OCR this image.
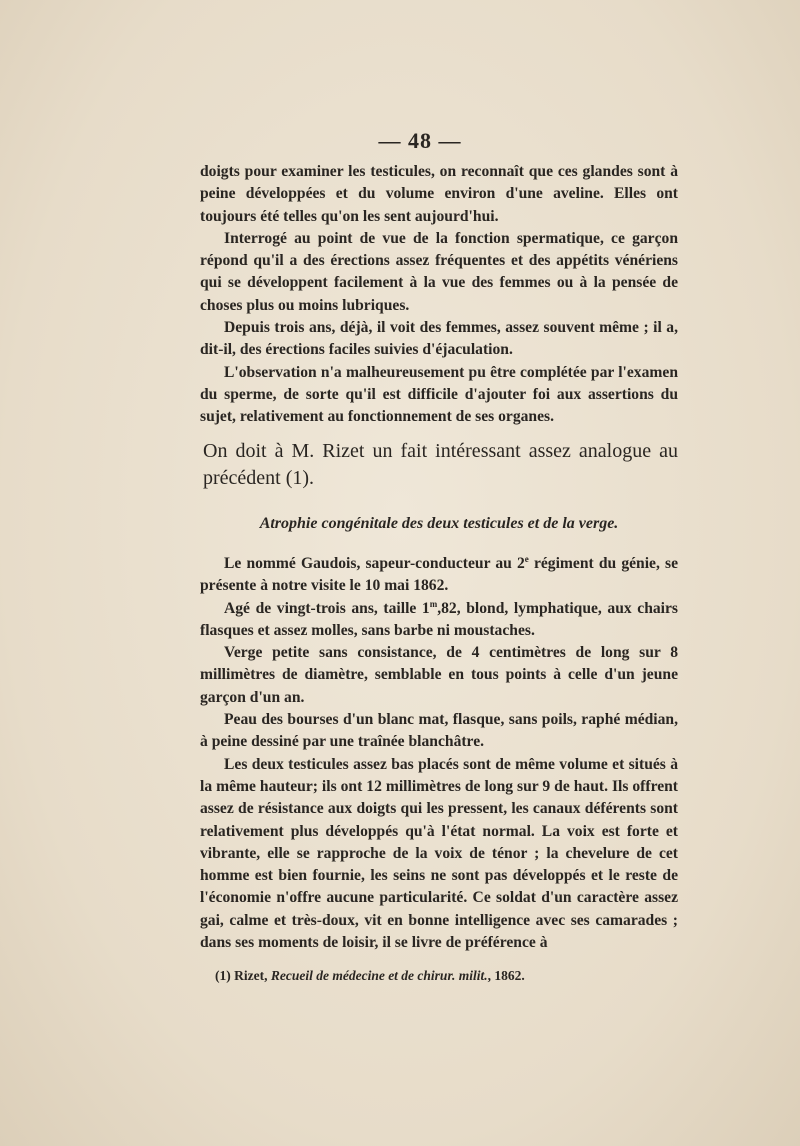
— 48 —

doigts pour examiner les testicules, on reconnaît que ces glandes sont à peine développées et du volume environ d'une aveline. Elles ont toujours été telles qu'on les sent aujourd'hui.

Interrogé au point de vue de la fonction spermatique, ce garçon répond qu'il a des érections assez fréquentes et des appétits vénériens qui se développent facilement à la vue des femmes ou à la pensée de choses plus ou moins lubriques.

Depuis trois ans, déjà, il voit des femmes, assez souvent même ; il a, dit-il, des érections faciles suivies d'éjaculation.

L'observation n'a malheureusement pu être complétée par l'examen du sperme, de sorte qu'il est difficile d'ajouter foi aux assertions du sujet, relativement au fonctionnement de ses organes.

On doit à M. Rizet un fait intéressant assez analogue au précédent (1).
Atrophie congénitale des deux testicules et de la verge.

Le nommé Gaudois, sapeur-conducteur au 2e régiment du génie, se présente à notre visite le 10 mai 1862.

Agé de vingt-trois ans, taille 1$^m$,82, blond, lymphatique, aux chairs flasques et assez molles, sans barbe ni moustaches.

Verge petite sans consistance, de 4 centimètres de long sur 8 millimètres de diamètre, semblable en tous points à celle d'un jeune garçon d'un an.

Peau des bourses d'un blanc mat, flasque, sans poils, raphé médian, à peine dessiné par une traînée blanchâtre.

Les deux testicules assez bas placés sont de même volume et situés à la même hauteur; ils ont 12 millimètres de long sur 9 de haut. Ils offrent assez de résistance aux doigts qui les pressent, les canaux déférents sont relativement plus développés qu'à l'état normal. La voix est forte et vibrante, elle se rapproche de la voix de ténor ; la chevelure de cet homme est bien fournie, les seins ne sont pas développés et le reste de l'économie n'offre aucune particularité. Ce soldat d'un caractère assez gai, calme et très-doux, vit en bonne intelligence avec ses camarades ; dans ses moments de loisir, il se livre de préférence à

(1) Rizet, Recueil de médecine et de chirur. milit., 1862.
